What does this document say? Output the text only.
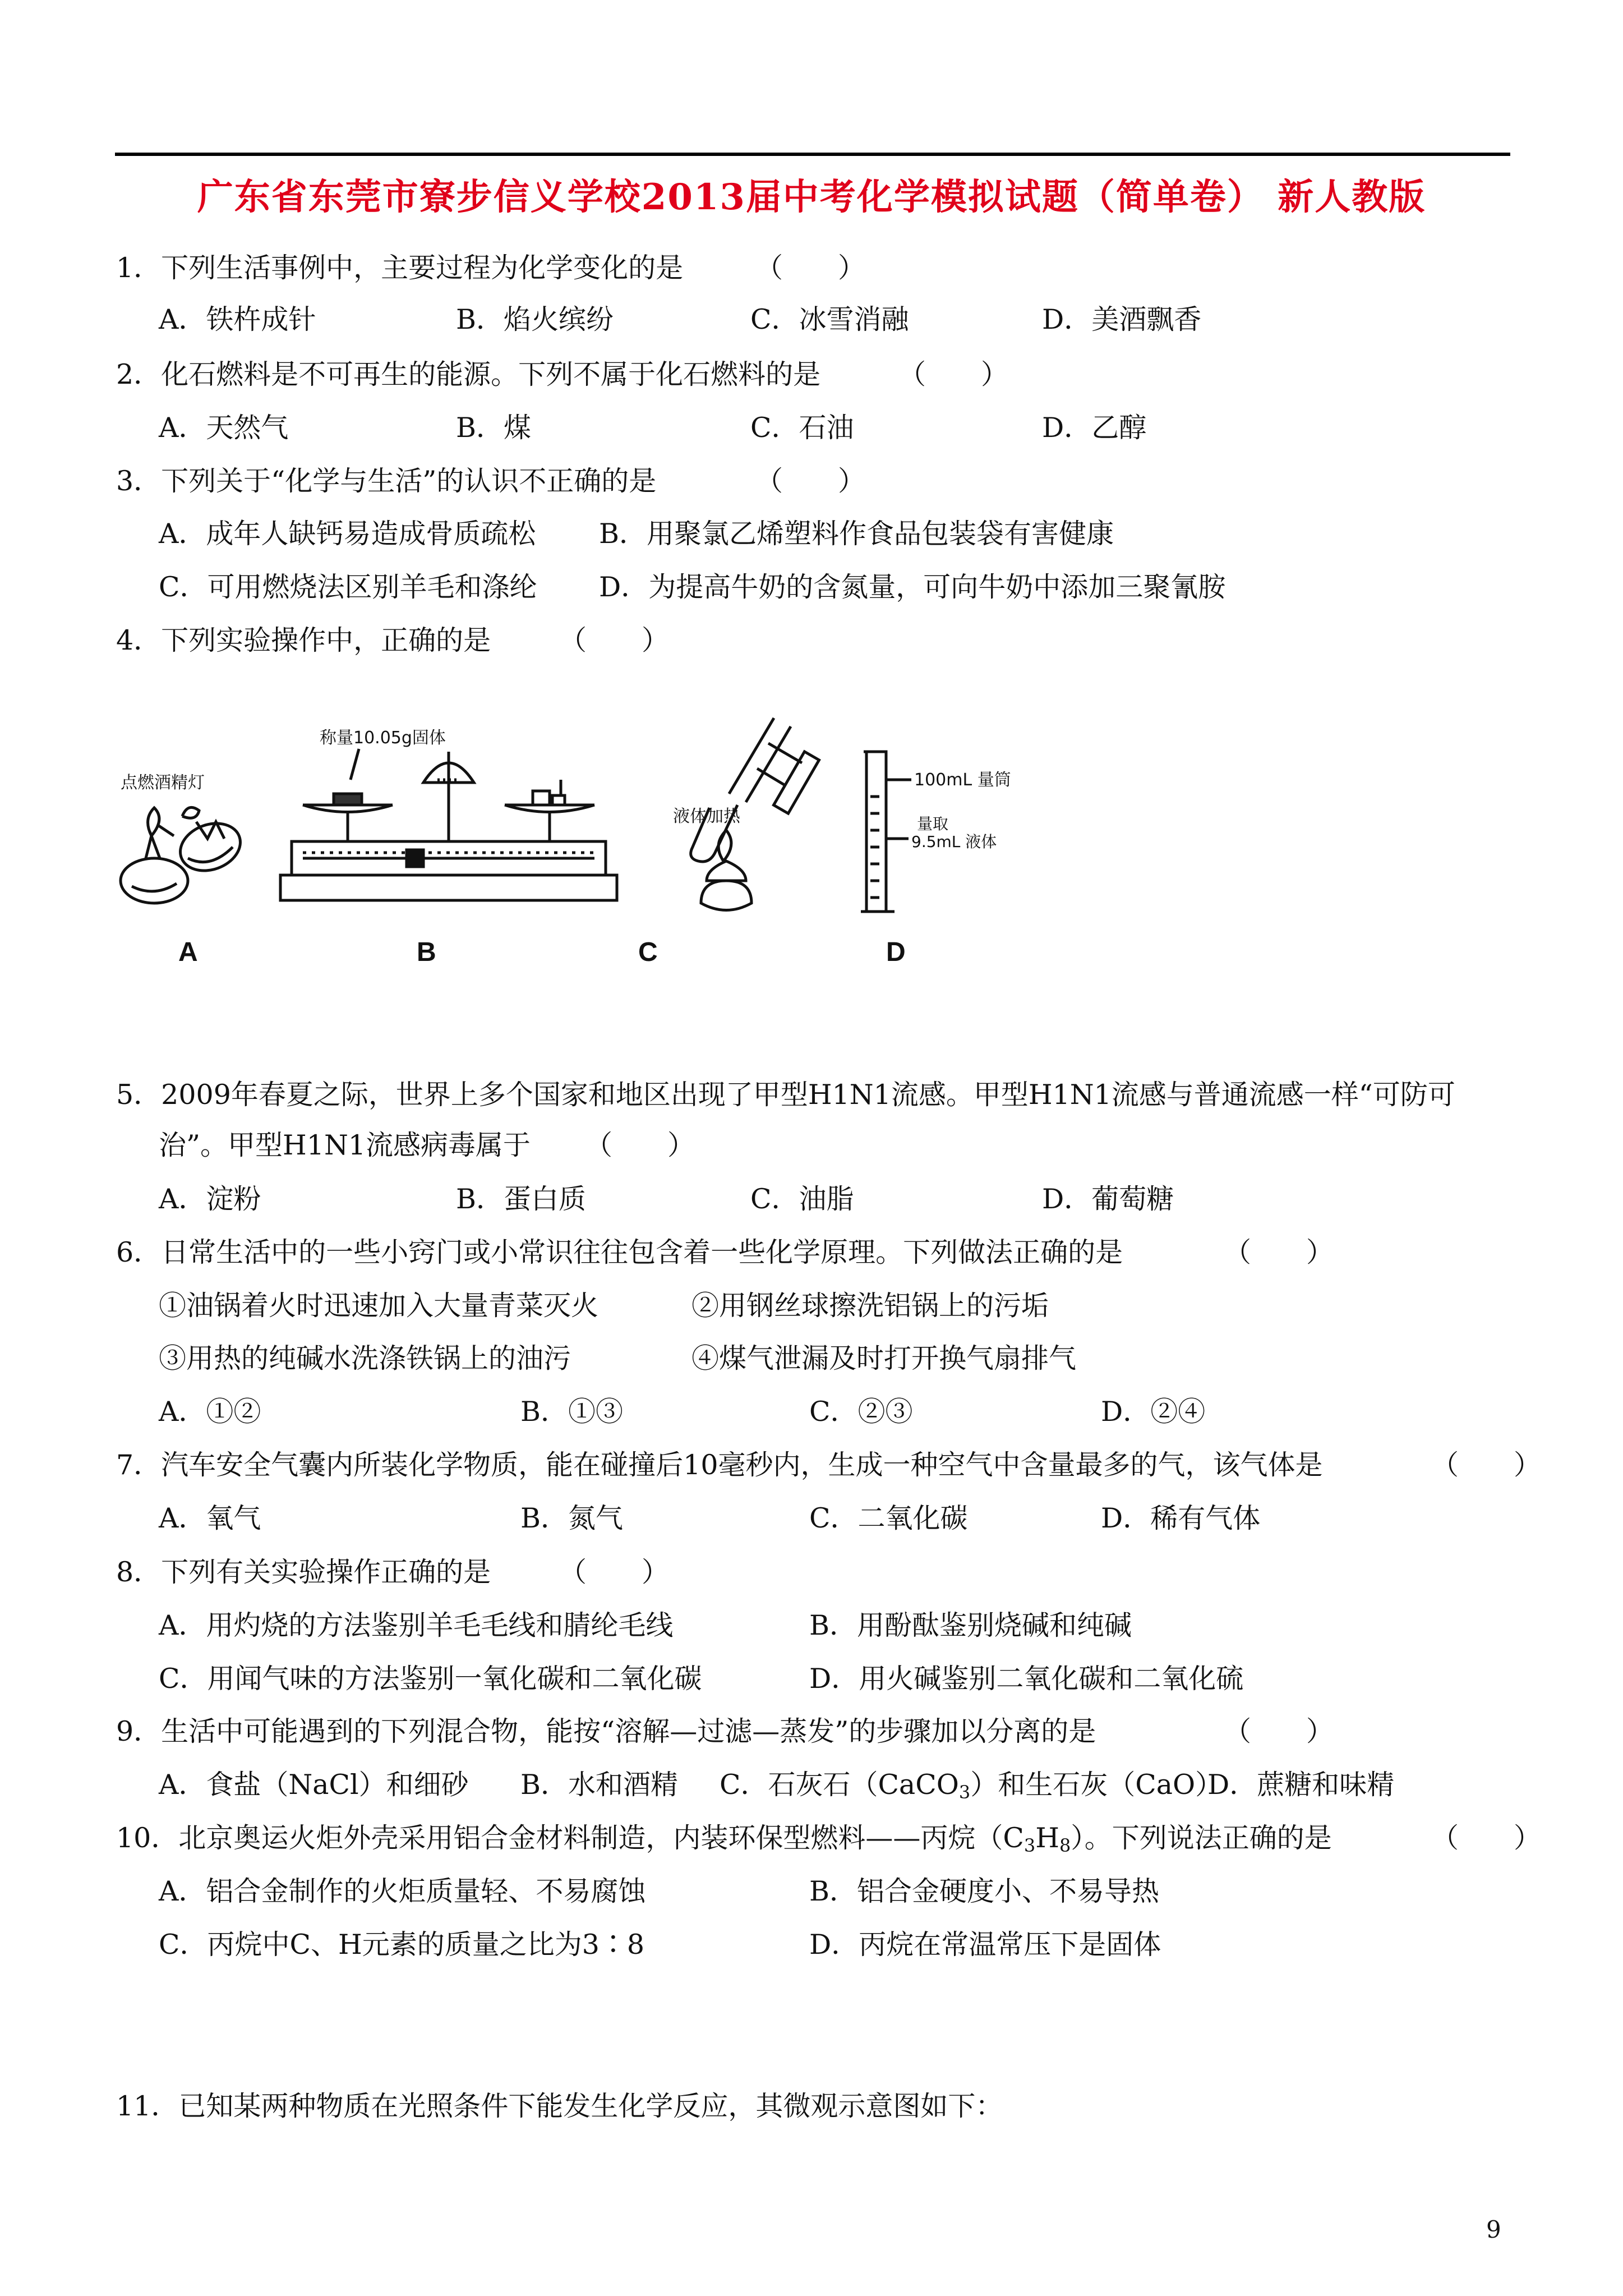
广东省东莞市寮步信义学校2013届中考化学模拟试题（简单卷） 新人教版
1．下列生活事例中，主要过程为化学变化的是	（　　）
A．铁杵成针	B．焰火缤纷	C．冰雪消融	D．美酒飘香
2．化石燃料是不可再生的能源。下列不属于化石燃料的是	（　　）
A．天然气	B．煤	C．石油	D．乙醇
3．下列关于“化学与生活”的认识不正确的是	（　　）
A．成年人缺钙易造成骨质疏松 B．用聚氯乙烯塑料作食品包装袋有害健康
C．可用燃烧法区别羊毛和涤纶 D．为提高牛奶的含氮量，可向牛奶中添加三聚氰胺
4．下列实验操作中，正确的是 （　　）
点燃酒精灯
称量10.05g固体
液体加热
100mL 量筒
量取
9.5mL 液体
A	B	C	D
5．2009年春夏之际，世界上多个国家和地区出现了甲型H1N1流感。甲型H1N1流感与普通流感一样“可防可
治”。甲型H1N1流感病毒属于 （　　）
A．淀粉	B．蛋白质	C．油脂	D．葡萄糖
6．日常生活中的一些小窍门或小常识往往包含着一些化学原理。下列做法正确的是	（　　）
①油锅着火时迅速加入大量青菜灭火	②用钢丝球擦洗铝锅上的污垢
③用热的纯碱水洗涤铁锅上的油污	④煤气泄漏及时打开换气扇排气
A．①②	B．①③	C．②③	D．②④
7．汽车安全气囊内所装化学物质，能在碰撞后10毫秒内，生成一种空气中含量最多的气，该气体是	（　　）
A．氧气	B．氮气	C．二氧化碳	D．稀有气体
8．下列有关实验操作正确的是 （　　）
A．用灼烧的方法鉴别羊毛毛线和腈纶毛线	B．用酚酞鉴别烧碱和纯碱
C．用闻气味的方法鉴别一氧化碳和二氧化碳	D．用火碱鉴别二氧化碳和二氧化硫
9．生活中可能遇到的下列混合物，能按“溶解—过滤—蒸发”的步骤加以分离的是	（　　）
A．食盐（NaCl）和细砂 B．水和酒精 C．石灰石（CaCO$_3$）和生石灰（CaO）
D．蔗糖和味精
10．北京奥运火炬外壳采用铝合金材料制造，内装环保型燃料——丙烷$(C_3H_8)$。下列说法正确的是	（　　）
A．铝合金制作的火炬质量轻、不易腐蚀	B．铝合金硬度小、不易导热
C．丙烷中C、H元素的质量之比为3∶8	D．丙烷在常温常压下是固体
11．已知某两种物质在光照条件下能发生化学反应，其微观示意图如下：
9
